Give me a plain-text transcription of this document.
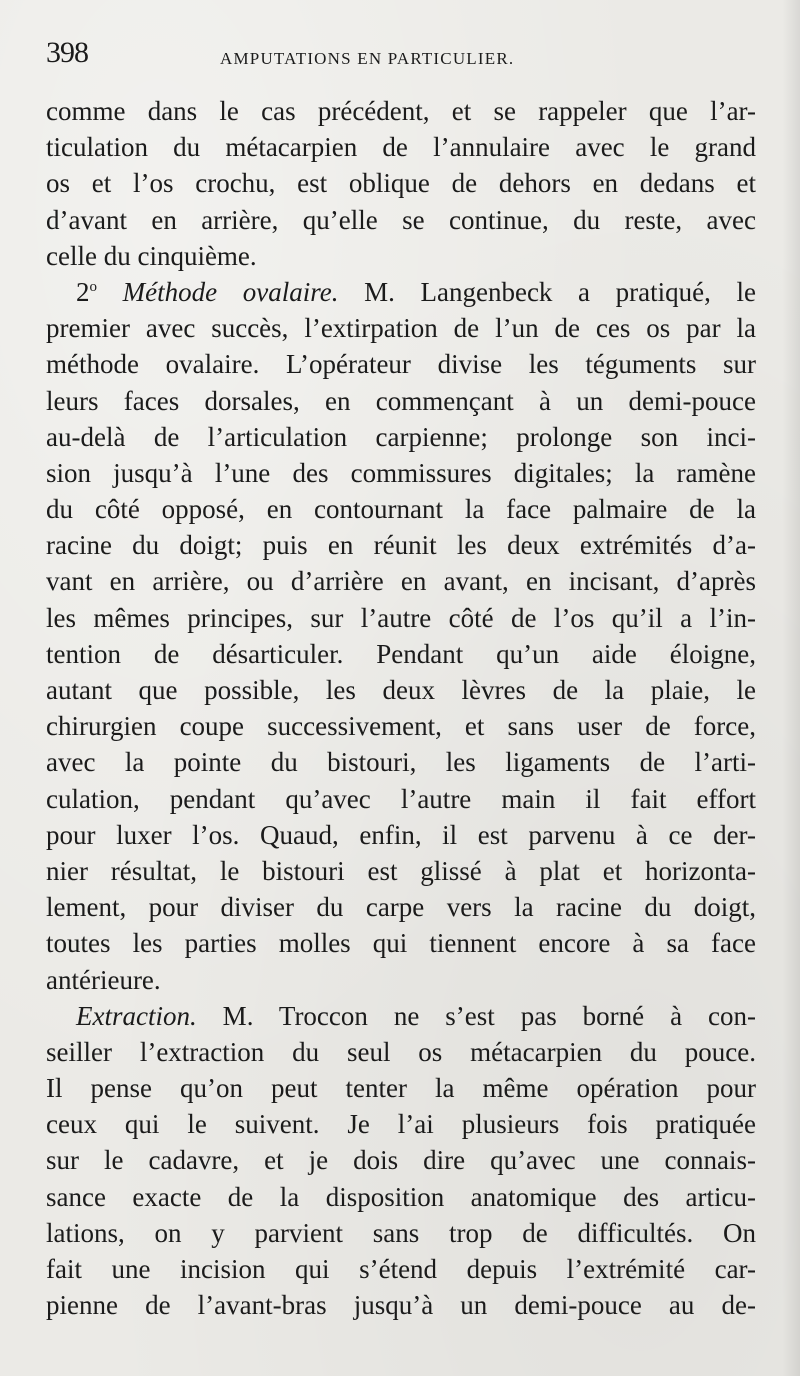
398	AMPUTATIONS EN PARTICULIER.
comme dans le cas précédent, et se rappeler que l’ar-
ticulation du métacarpien de l’annulaire avec le grand
os et l’os crochu, est oblique de dehors en dedans et
d’avant en arrière, qu’elle se continue, du reste, avec
celle du cinquième.
2$^o$ Méthode ovalaire. M. Langenbeck a pratiqué, le
premier avec succès, l’extirpation de l’un de ces os par la
méthode ovalaire. L’opérateur divise les téguments sur
leurs faces dorsales, en commençant à un demi-pouce
au-delà de l’articulation carpienne; prolonge son inci-
sion jusqu’à l’une des commissures digitales; la ramène
du côté opposé, en contournant la face palmaire de la
racine du doigt; puis en réunit les deux extrémités d’a-
vant en arrière, ou d’arrière en avant, en incisant, d’après
les mêmes principes, sur l’autre côté de l’os qu’il a l’in-
tention de désarticuler. Pendant qu’un aide éloigne,
autant que possible, les deux lèvres de la plaie, le
chirurgien coupe successivement, et sans user de force,
avec la pointe du bistouri, les ligaments de l’arti-
culation, pendant qu’avec l’autre main il fait effort
pour luxer l’os. Quaud, enfin, il est parvenu à ce der-
nier résultat, le bistouri est glissé à plat et horizonta-
lement, pour diviser du carpe vers la racine du doigt,
toutes les parties molles qui tiennent encore à sa face
antérieure.
Extraction. M. Troccon ne s’est pas borné à con-
seiller l’extraction du seul os métacarpien du pouce.
Il pense qu’on peut tenter la même opération pour
ceux qui le suivent. Je l’ai plusieurs fois pratiquée
sur le cadavre, et je dois dire qu’avec une connais-
sance exacte de la disposition anatomique des articu-
lations, on y parvient sans trop de difficultés. On
fait une incision qui s’étend depuis l’extrémité car-
pienne de l’avant-bras jusqu’à un demi-pouce au de-
